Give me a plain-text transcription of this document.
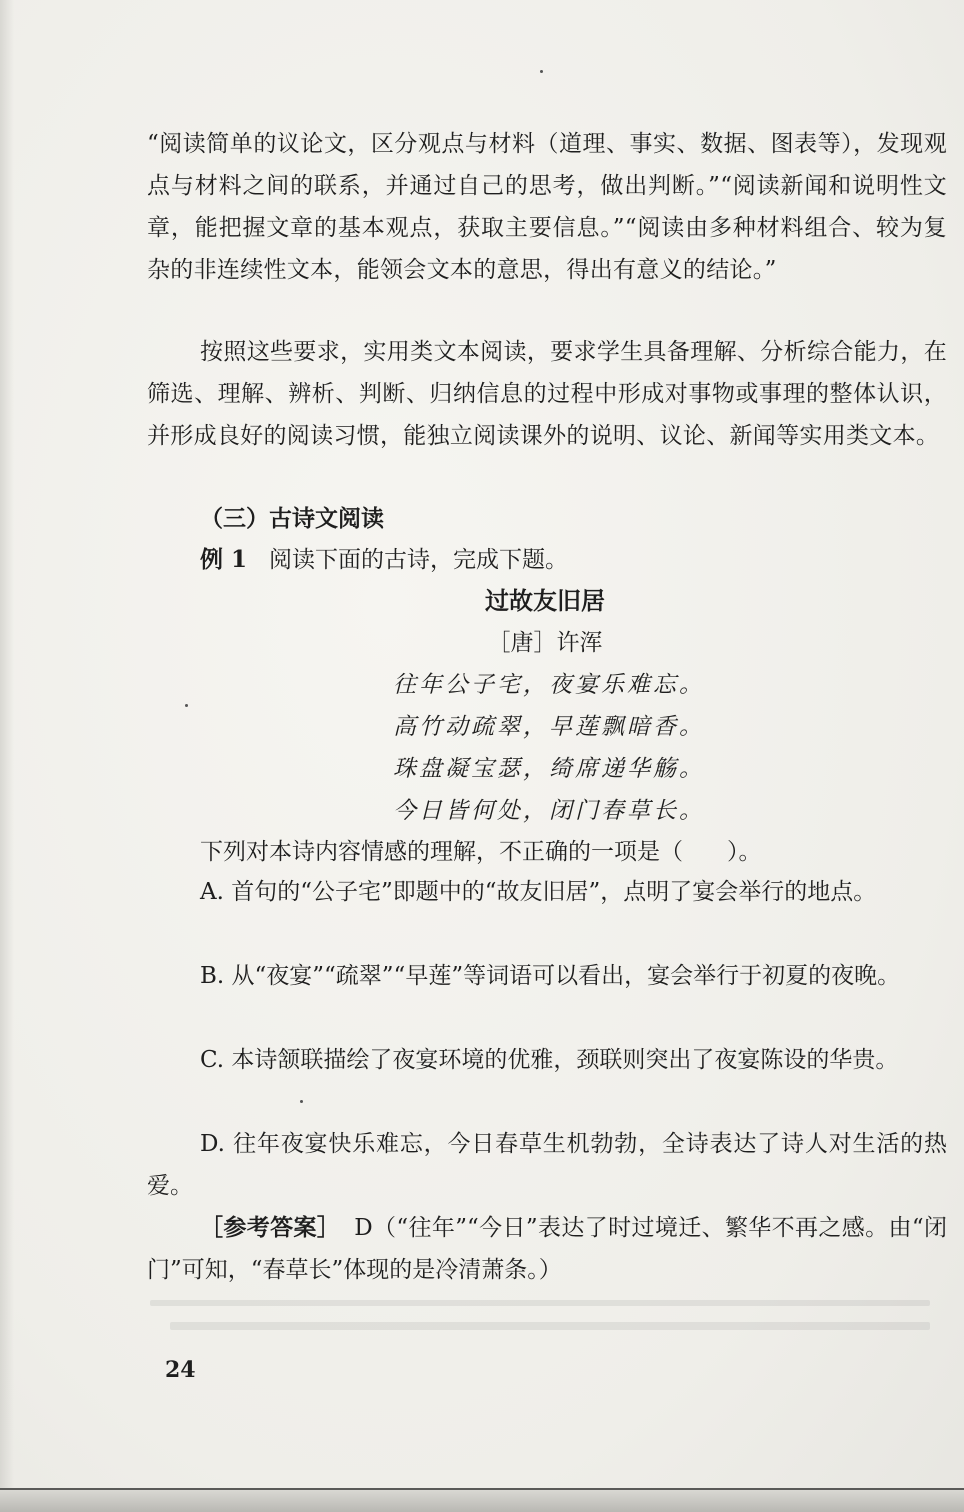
“阅读简单的议论文，区分观点与材料（道理、事实、数据、图表等），发现观点与材料之间的联系，并通过自己的思考，做出判断。”“阅读新闻和说明性文章，能把握文章的基本观点，获取主要信息。”“阅读由多种材料组合、较为复杂的非连续性文本，能领会文本的意思，得出有意义的结论。”

按照这些要求，实用类文本阅读，要求学生具备理解、分析综合能力，在筛选、理解、辨析、判断、归纳信息的过程中形成对事物或事理的整体认识，并形成良好的阅读习惯，能独立阅读课外的说明、议论、新闻等实用类文本。

（三）古诗文阅读

例 1 阅读下面的古诗，完成下题。

过故友旧居

［唐］许浑

往年公子宅，夜宴乐难忘。

高竹动疏翠，早莲飘暗香。

珠盘凝宝瑟，绮席递华觞。

今日皆何处，闭门春草长。

下列对本诗内容情感的理解，不正确的一项是（ ）。

A. 首句的“公子宅”即题中的“故友旧居”，点明了宴会举行的地点。

B. 从“夜宴”“疏翠”“早莲”等词语可以看出，宴会举行于初夏的夜晚。

C. 本诗颔联描绘了夜宴环境的优雅，颈联则突出了夜宴陈设的华贵。

D. 往年夜宴快乐难忘，今日春草生机勃勃，全诗表达了诗人对生活的热爱。

［参考答案］ D（“往年”“今日”表达了时过境迁、繁华不再之感。由“闭门”可知，“春草长”体现的是冷清萧条。）

24
